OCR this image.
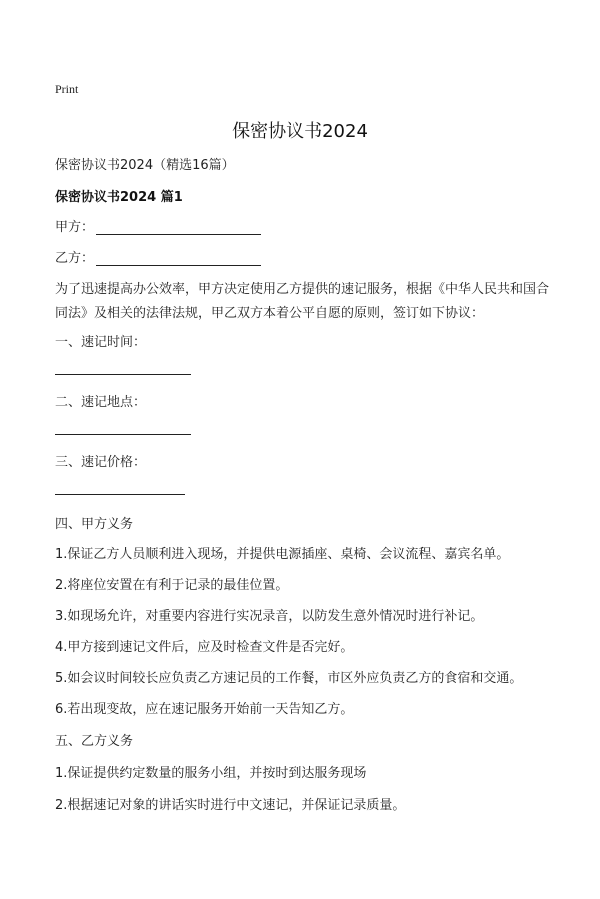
Print
保密协议书2024
保密协议书2024（精选16篇）
保密协议书2024 篇1
甲方：
乙方：

为了迅速提高办公效率，甲方决定使用乙方提供的速记服务，根据《中华人民共和国合同法》及相关的法律法规，甲乙双方本着公平自愿的原则，签订如下协议：

一、速记时间：
二、速记地点：
三、速记价格：
四、甲方义务
1.保证乙方人员顺利进入现场，并提供电源插座、桌椅、会议流程、嘉宾名单。
2.将座位安置在有利于记录的最佳位置。
3.如现场允许，对重要内容进行实况录音，以防发生意外情况时进行补记。
4.甲方接到速记文件后，应及时检查文件是否完好。
5.如会议时间较长应负责乙方速记员的工作餐，市区外应负责乙方的食宿和交通。
6.若出现变故，应在速记服务开始前一天告知乙方。
五、乙方义务
1.保证提供约定数量的服务小组，并按时到达服务现场
2.根据速记对象的讲话实时进行中文速记，并保证记录质量。
